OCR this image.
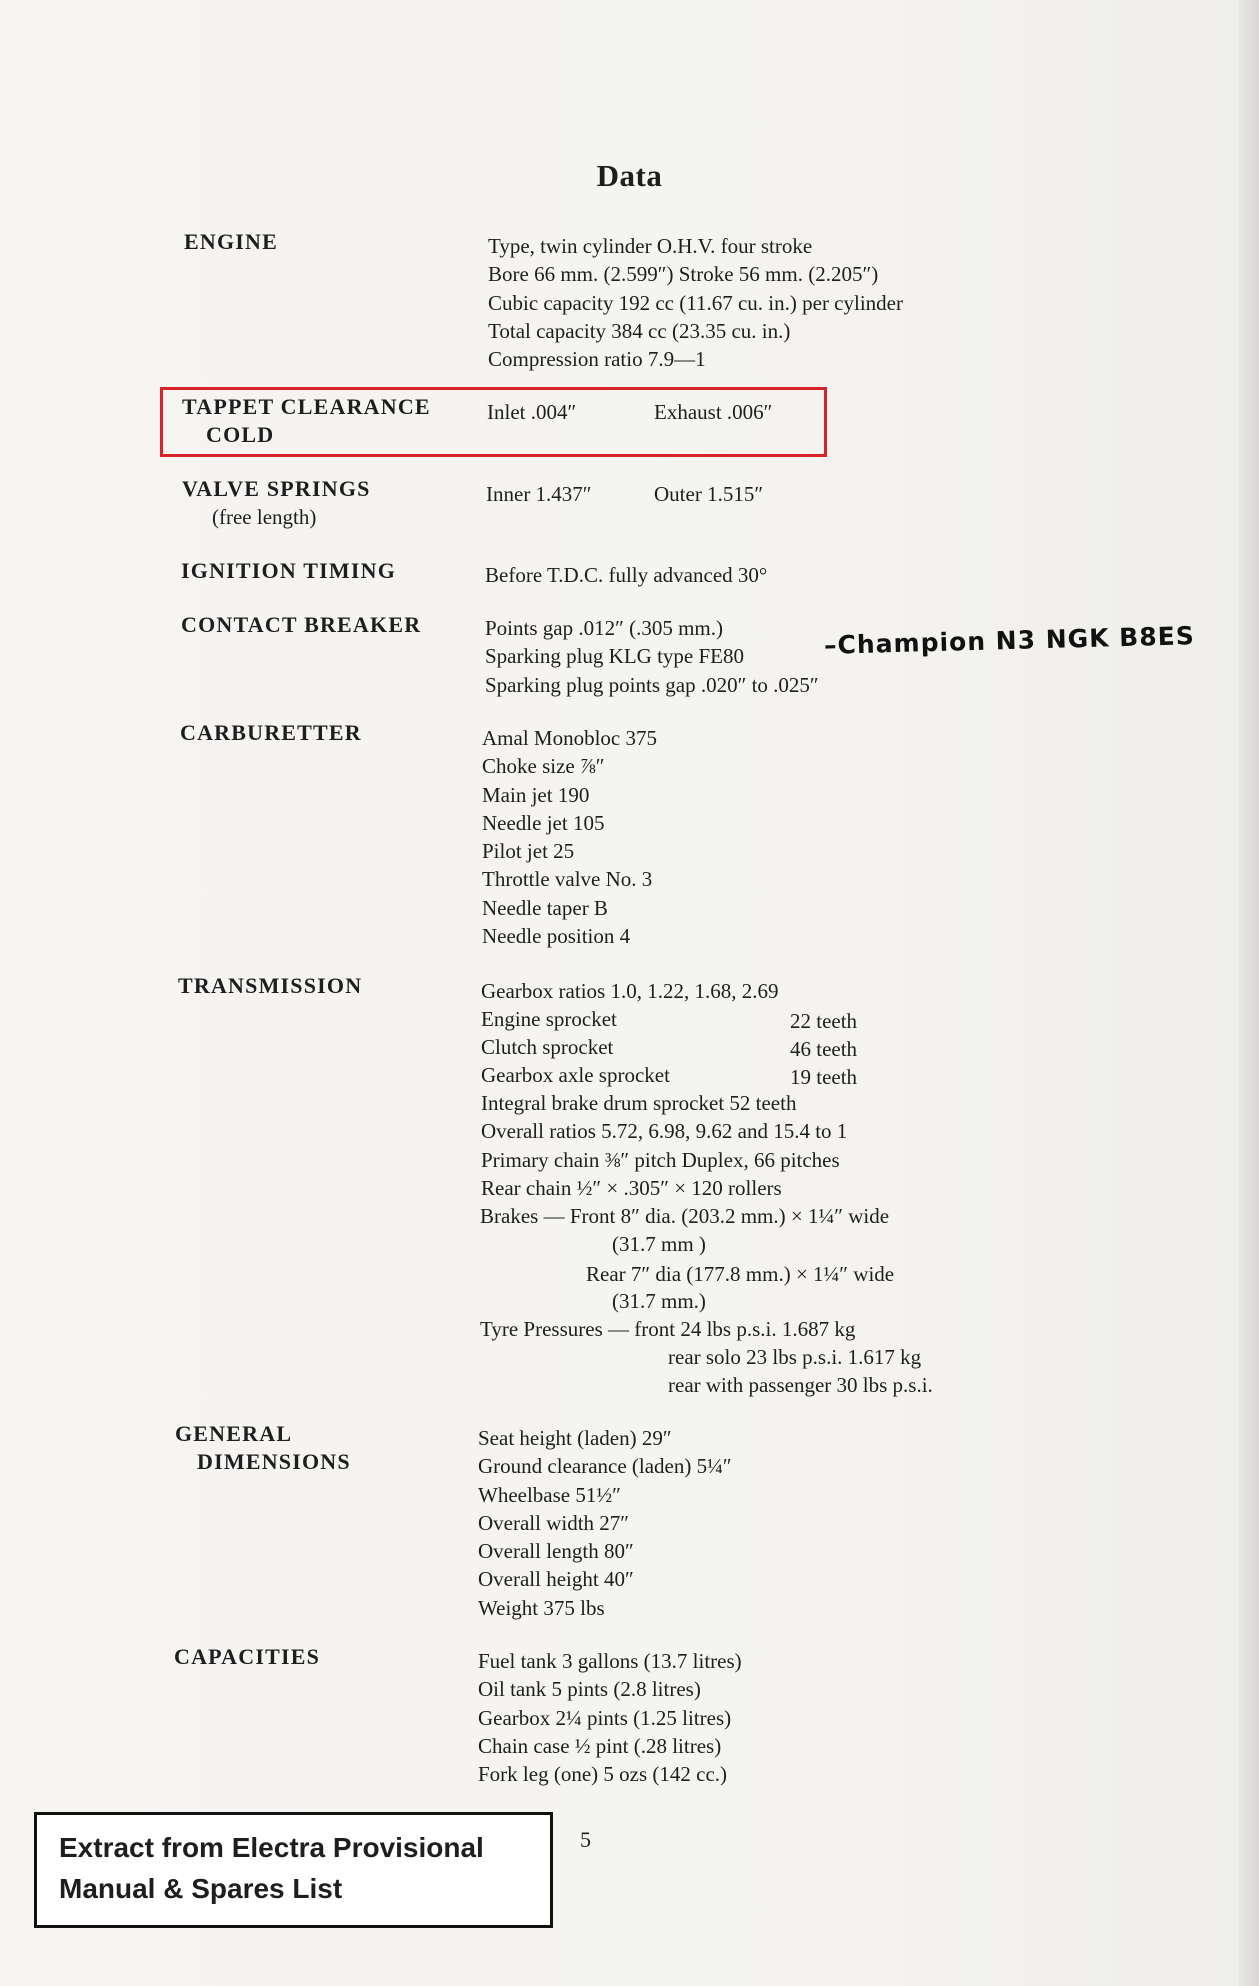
Data
ENGINE	Type, twin cylinder O.H.V. four stroke
Bore 66 mm. (2.599″) Stroke 56 mm. (2.205″)
Cubic capacity 192 cc (11.67 cu. in.) per cylinder
Total capacity 384 cc (23.35 cu. in.)
Compression ratio 7.9—1
TAPPET CLEARANCE
COLD
Inlet .004″	Exhaust .006″
VALVE SPRINGS
(free length)
Inner 1.437″	Outer 1.515″
IGNITION TIMING	Before T.D.C. fully advanced 30°
CONTACT BREAKER	Points gap .012″ (.305 mm.)
Sparking plug KLG type FE80
Sparking plug points gap .020″ to .025″
–Champion N3 NGK B8ES
CARBURETTER	Amal Monobloc 375
Choke size ⅞″
Main jet 190
Needle jet 105
Pilot jet 25
Throttle valve No. 3
Needle taper B
Needle position 4
TRANSMISSION	Gearbox ratios 1.0, 1.22, 1.68, 2.69
Engine sprocket	22 teeth
Clutch sprocket	46 teeth
Gearbox axle sprocket	19 teeth
Integral brake drum sprocket 52 teeth
Overall ratios 5.72, 6.98, 9.62 and 15.4 to 1
Primary chain ⅜″ pitch Duplex, 66 pitches
Rear chain ½″ × .305″ × 120 rollers
Brakes — Front 8″ dia. (203.2 mm.) × 1¼″ wide
(31.7 mm )
Rear 7″ dia (177.8 mm.) × 1¼″ wide
(31.7 mm.)
Tyre Pressures — front 24 lbs p.s.i. 1.687 kg
rear solo 23 lbs p.s.i. 1.617 kg
rear with passenger 30 lbs p.s.i.
GENERAL
DIMENSIONS
Seat height (laden) 29″
Ground clearance (laden) 5¼″
Wheelbase 51½″
Overall width 27″
Overall length 80″
Overall height 40″
Weight 375 lbs
CAPACITIES	Fuel tank 3 gallons (13.7 litres)
Oil tank 5 pints (2.8 litres)
Gearbox 2¼ pints (1.25 litres)
Chain case ½ pint (.28 litres)
Fork leg (one) 5 ozs (142 cc.)
Extract from Electra Provisional
Manual & Spares List
5
